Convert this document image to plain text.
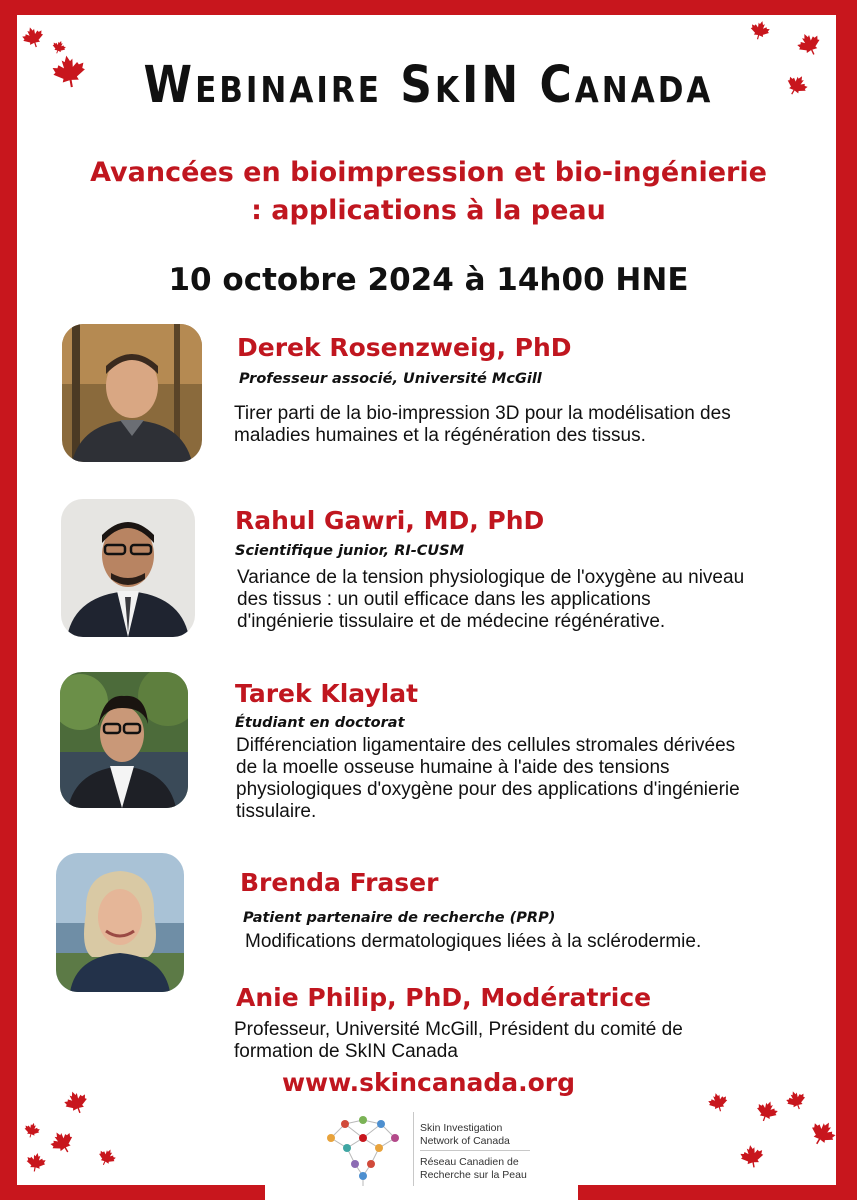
Webinaire SkIN Canada
Avancées en bioimpression et bio-ingénierie
: applications à la peau
10 octobre 2024 à 14h00 HNE
Derek Rosenzweig, PhD
Professeur associé, Université McGill
Tirer parti de la bio-impression 3D pour la modélisation des
maladies humaines et la régénération des tissus.
Rahul Gawri, MD, PhD
Scientifique junior, RI-CUSM
Variance de la tension physiologique de l'oxygène au niveau
des tissus : un outil efficace dans les applications
d'ingénierie tissulaire et de médecine régénérative.
Tarek Klaylat
Étudiant en doctorat
Différenciation ligamentaire des cellules stromales dérivées
de la moelle osseuse humaine à l'aide des tensions
physiologiques d'oxygène pour des applications d'ingénierie
tissulaire.
Brenda Fraser
Patient partenaire de recherche (PRP)
Modifications dermatologiques liées à la sclérodermie.
Anie Philip, PhD, Modératrice
Professeur, Université McGill, Président du comité de
formation de SkIN Canada
www.skincanada.org
Skin Investigation
Network of Canada
Réseau Canadien de
Recherche sur la Peau
